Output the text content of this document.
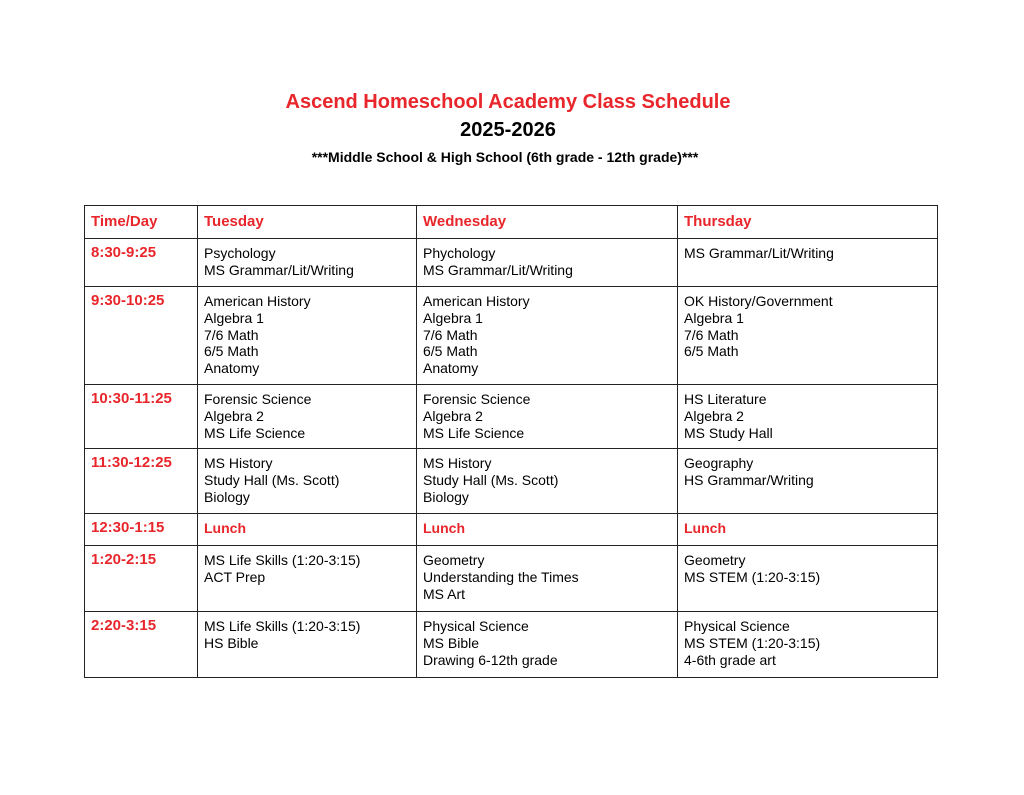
Ascend Homeschool Academy Class Schedule
2025-2026
***Middle School & High School (6th grade - 12th grade)***
Time/Day	Tuesday	Wednesday	Thursday
8:30-9:25	Psychology
MS Grammar/Lit/Writing	Phychology
MS Grammar/Lit/Writing	MS Grammar/Lit/Writing

9:30-10:25	American History
Algebra 1
7/6 Math
6/5 Math
Anatomy	American History
Algebra 1
7/6 Math
6/5 Math
Anatomy	OK History/Government
Algebra 1
7/6 Math
6/5 Math

10:30-11:25	Forensic Science
Algebra 2
MS Life Science	Forensic Science
Algebra 2
MS Life Science	HS Literature
Algebra 2
MS Study Hall

11:30-12:25	MS History
Study Hall (Ms. Scott)
Biology	MS History
Study Hall (Ms. Scott)
Biology	Geography
HS Grammar/Writing

12:30-1:15	Lunch	Lunch	Lunch

1:20-2:15	MS Life Skills (1:20-3:15)
ACT Prep	Geometry
Understanding the Times
MS Art	Geometry
MS STEM (1:20-3:15)

2:20-3:15	MS Life Skills (1:20-3:15)
HS Bible	Physical Science
MS Bible
Drawing 6-12th grade	Physical Science
MS STEM (1:20-3:15)
4-6th grade art
